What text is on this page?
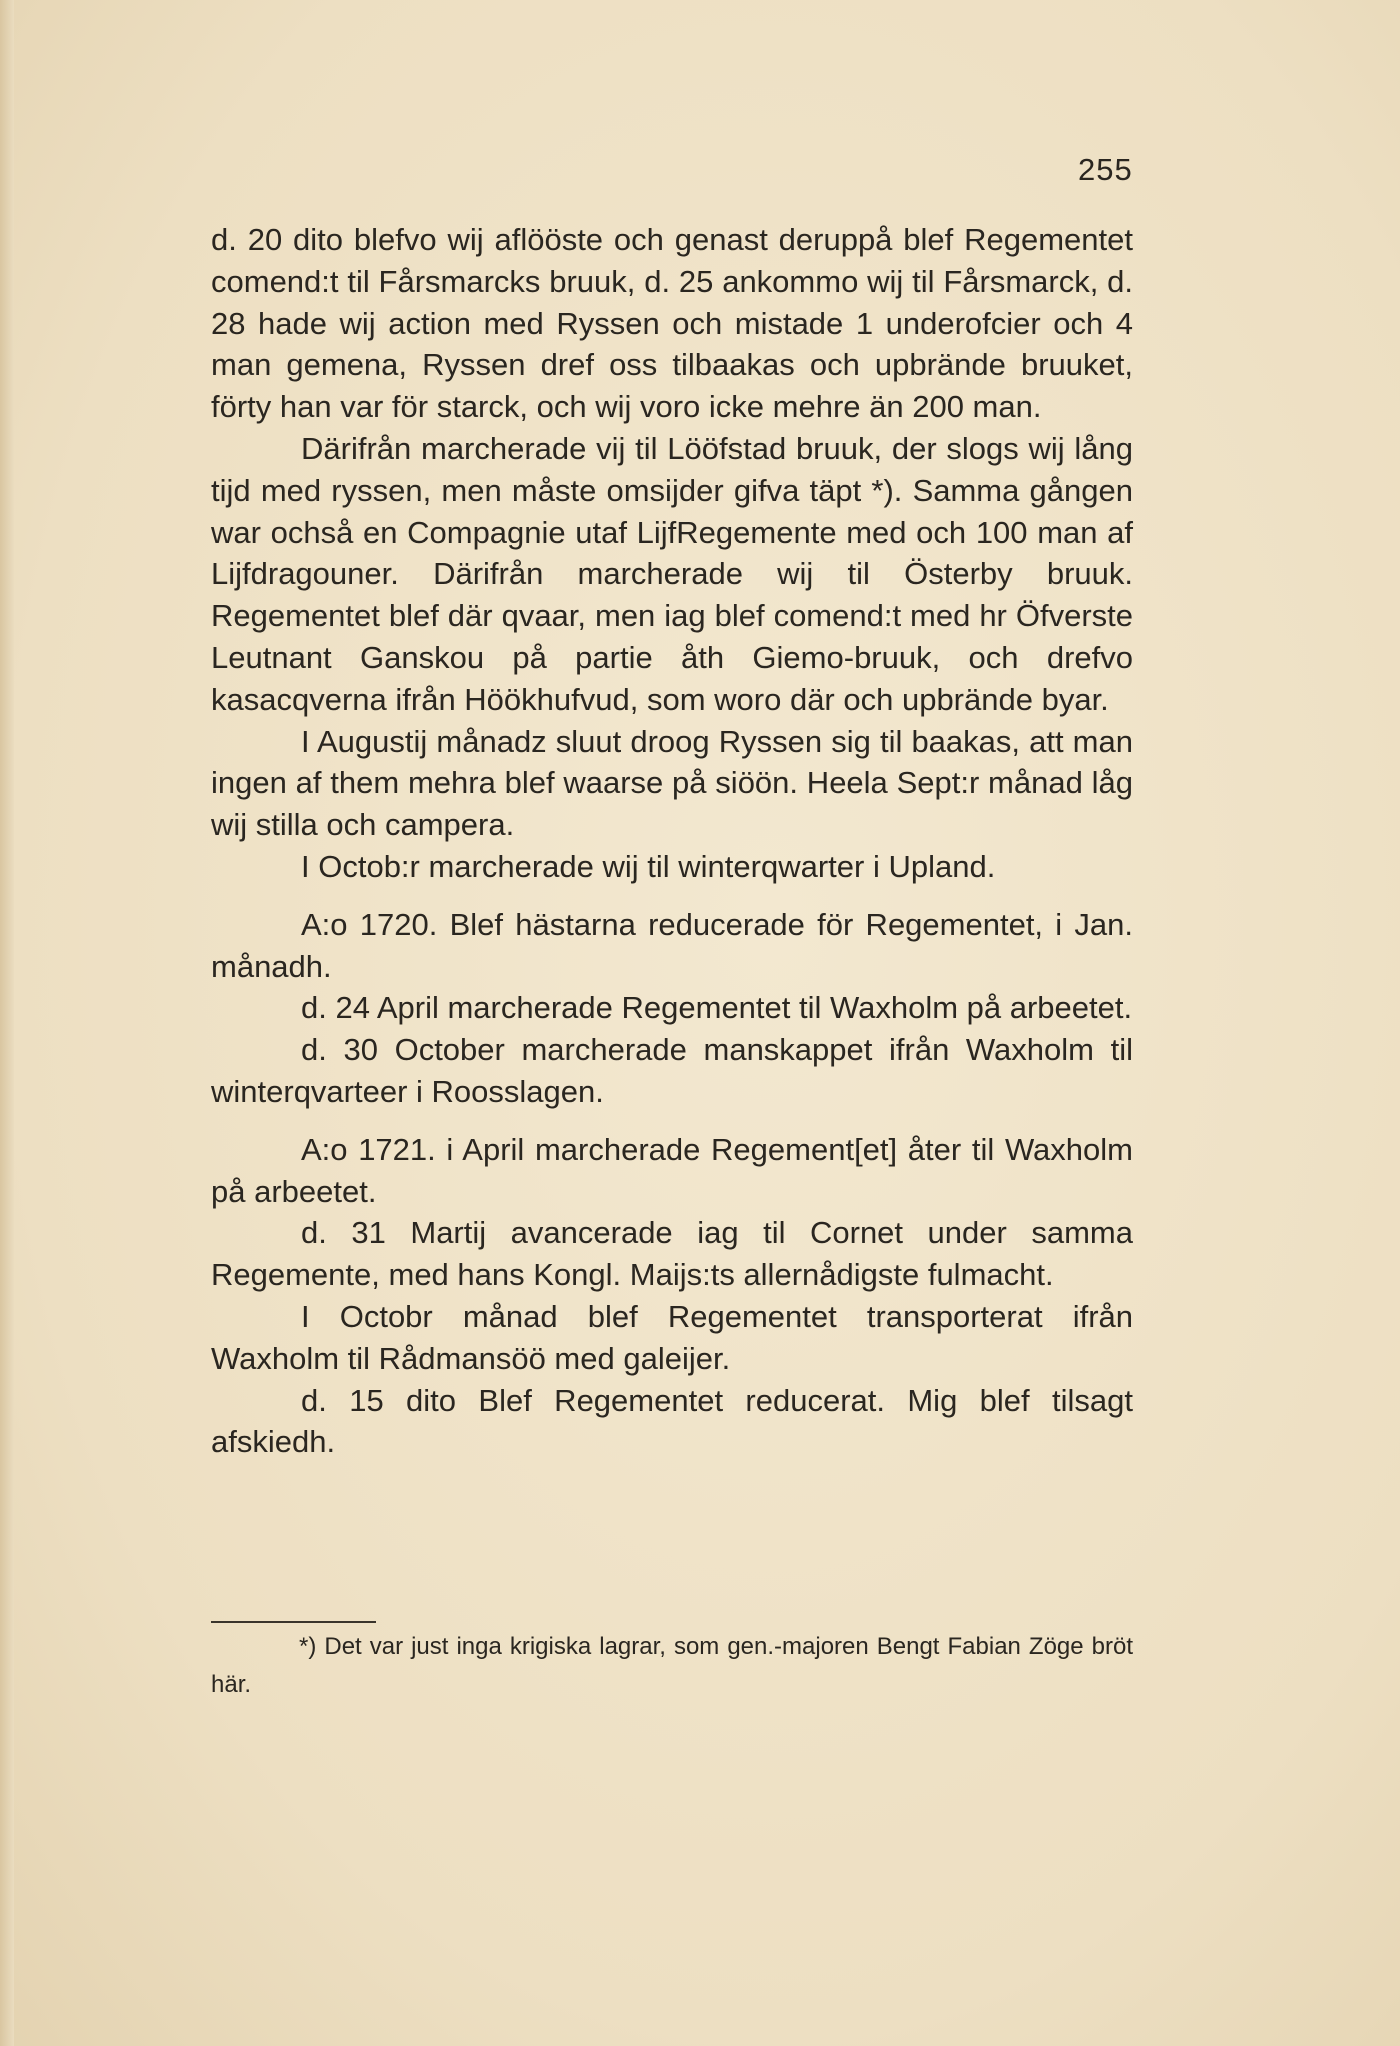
255

d. 20 dito blefvo wij aflööste och genast deruppå blef Regementet comend:t til Fårsmarcks bruuk, d. 25 ankommo wij til Fårsmarck, d. 28 hade wij action med Ryssen och mistade 1 underofcier och 4 man gemena, Ryssen dref oss tilbaakas och upbrände bruuket, förty han var för starck, och wij voro icke mehre än 200 man.

Därifrån marcherade vij til Lööfstad bruuk, der slogs wij lång tijd med ryssen, men måste omsijder gifva täpt *). Samma gången war ochså en Compagnie utaf LijfRegemente med och 100 man af Lijfdragouner. Därifrån marcherade wij til Österby bruuk. Regementet blef där qvaar, men iag blef comend:t med hr Öfverste Leutnant Ganskou på partie åth Giemo-bruuk, och drefvo kasacqverna ifrån Höökhufvud, som woro där och upbrände byar.

I Augustij månadz sluut droog Ryssen sig til baakas, att man ingen af them mehra blef waarse på siöön. Heela Sept:r månad låg wij stilla och campera.

I Octob:r marcherade wij til winterqwarter i Upland.

A:o 1720. Blef hästarna reducerade för Regementet, i Jan. månadh.

d. 24 April marcherade Regementet til Waxholm på arbeetet.

d. 30 October marcherade manskappet ifrån Waxholm til winterqvarteer i Roosslagen.

A:o 1721. i April marcherade Regement[et] åter til Waxholm på arbeetet.

d. 31 Martij avancerade iag til Cornet under samma Regemente, med hans Kongl. Maijs:ts allernådigste fulmacht.

I Octobr månad blef Regementet transporterat ifrån Waxholm til Rådmansöö med galeijer.

d. 15 dito Blef Regementet reducerat. Mig blef tilsagt afskiedh.

*) Det var just inga krigiska lagrar, som gen.-majoren Bengt Fabian Zöge bröt här.
